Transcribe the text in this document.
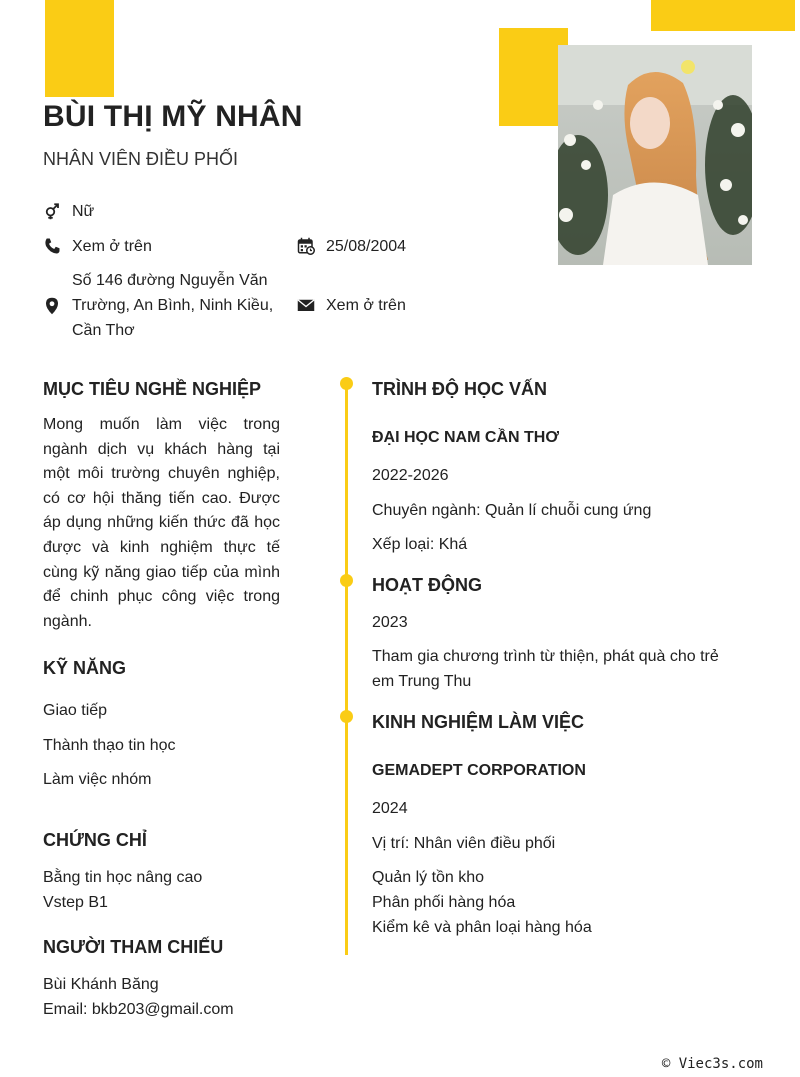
BÙI THỊ MỸ NHÂN
NHÂN VIÊN ĐIỀU PHỐI
Nữ
Xem ở trên	25/08/2004
Số 146 đường Nguyễn Văn Trường, An Bình, Ninh Kiều, Cần Thơ
Xem ở trên
MỤC TIÊU NGHỀ NGHIỆP
Mong muốn làm việc trong ngành dịch vụ khách hàng tại một môi trường chuyên nghiệp, có cơ hội thăng tiến cao. Được áp dụng những kiến thức đã học được và kinh nghiệm thực tế cùng kỹ năng giao tiếp của mình để chinh phục công việc trong ngành.
KỸ NĂNG
Giao tiếp
Thành thạo tin học
Làm việc nhóm
CHỨNG CHỈ
Bằng tin học nâng cao
Vstep B1
NGƯỜI THAM CHIẾU
Bùi Khánh Băng
Email: bkb203@gmail.com
TRÌNH ĐỘ HỌC VẤN
ĐẠI HỌC NAM CẦN THƠ
2022-2026
Chuyên ngành: Quản lí chuỗi cung ứng
Xếp loại: Khá
HOẠT ĐỘNG
2023
Tham gia chương trình từ thiện, phát quà cho trẻ em Trung Thu
KINH NGHIỆM LÀM VIỆC
GEMADEPT CORPORATION
2024
Vị trí: Nhân viên điều phối
Quản lý tồn kho
Phân phối hàng hóa
Kiểm kê và phân loại hàng hóa
© Viec3s.com
